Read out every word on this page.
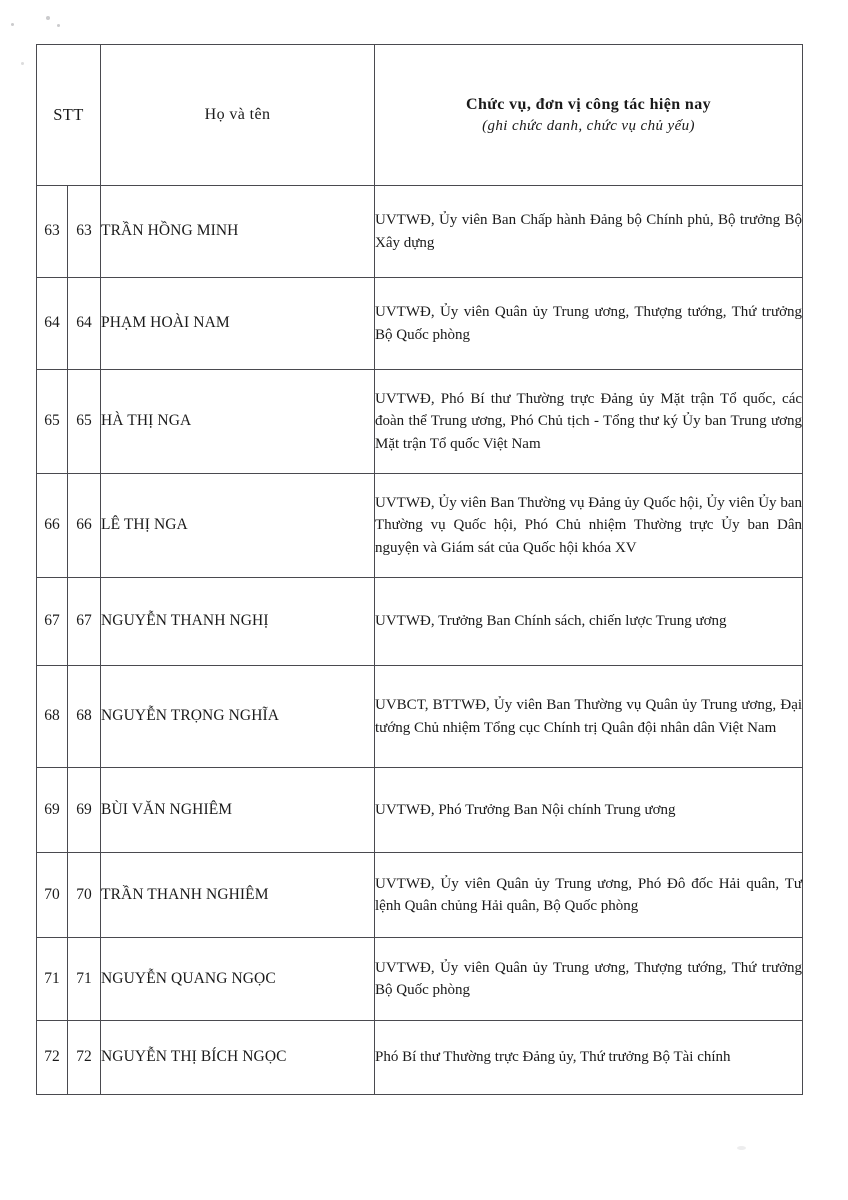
STT		Họ và tên	Chức vụ, đơn vị công tác hiện nay
(ghi chức danh, chức vụ chủ yếu)

63	63	TRẦN HỒNG MINH	UVTWĐ, Ủy viên Ban Chấp hành Đảng bộ Chính phủ, Bộ trưởng Bộ Xây dựng
64	64	PHẠM HOÀI NAM	UVTWĐ, Ủy viên Quân ủy Trung ương, Thượng tướng, Thứ trưởng Bộ Quốc phòng
65	65	HÀ THỊ NGA	UVTWĐ, Phó Bí thư Thường trực Đảng ủy Mặt trận Tổ quốc, các đoàn thể Trung ương, Phó Chủ tịch - Tổng thư ký Ủy ban Trung ương Mặt trận Tổ quốc Việt Nam
66	66	LÊ THỊ NGA	UVTWĐ, Ủy viên Ban Thường vụ Đảng ủy Quốc hội, Ủy viên Ủy ban Thường vụ Quốc hội, Phó Chủ nhiệm Thường trực Ủy ban Dân nguyện và Giám sát của Quốc hội khóa XV
67	67	NGUYỄN THANH NGHỊ	UVTWĐ, Trưởng Ban Chính sách, chiến lược Trung ương
68	68	NGUYỄN TRỌNG NGHĨA	UVBCT, BTTWĐ, Ủy viên Ban Thường vụ Quân ủy Trung ương, Đại tướng Chủ nhiệm Tổng cục Chính trị Quân đội nhân dân Việt Nam
69	69	BÙI VĂN NGHIÊM	UVTWĐ, Phó Trưởng Ban Nội chính Trung ương
70	70	TRẦN THANH NGHIÊM	UVTWĐ, Ủy viên Quân ủy Trung ương, Phó Đô đốc Hải quân, Tư lệnh Quân chủng Hải quân, Bộ Quốc phòng
71	71	NGUYỄN QUANG NGỌC	UVTWĐ, Ủy viên Quân ủy Trung ương, Thượng tướng, Thứ trưởng Bộ Quốc phòng
72	72	NGUYỄN THỊ BÍCH NGỌC	Phó Bí thư Thường trực Đảng ủy, Thứ trưởng Bộ Tài chính
